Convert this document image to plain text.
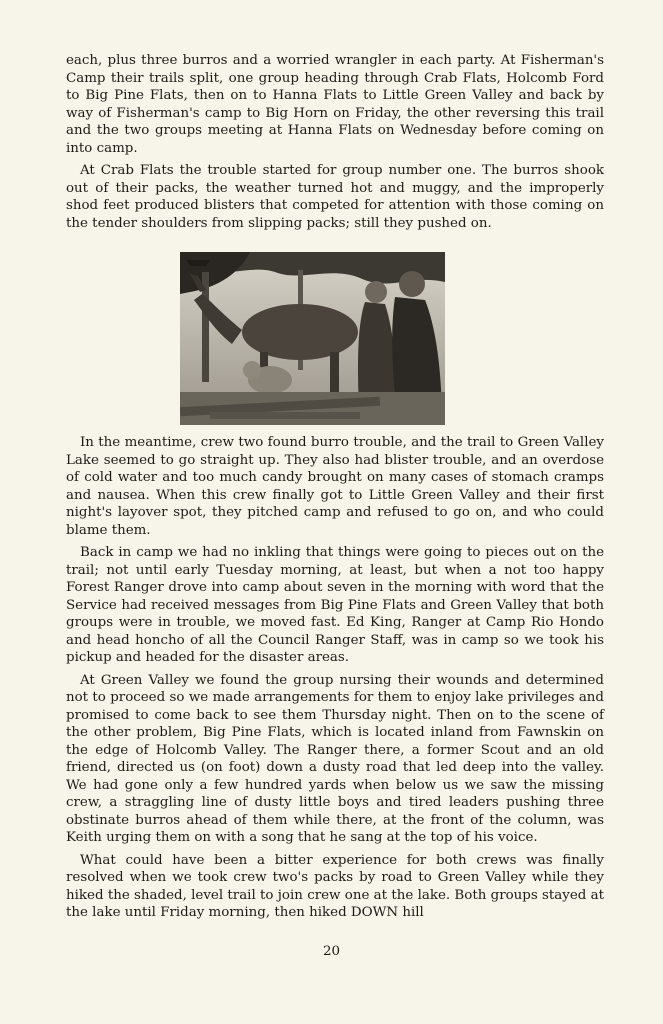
each, plus three burros and a worried wrangler in each party. At Fisherman's Camp their trails split, one group heading through Crab Flats, Holcomb Ford to Big Pine Flats, then on to Hanna Flats to Little Green Valley and back by way of Fisherman's camp to Big Horn on Friday, the other reversing this trail and the two groups meeting at Hanna Flats on Wednesday before coming on into camp.

At Crab Flats the trouble started for group number one. The burros shook out of their packs, the weather turned hot and muggy, and the improperly shod feet produced blisters that competed for attention with those coming on the tender shoulders from slipping packs; still they pushed on.

In the meantime, crew two found burro trouble, and the trail to Green Valley Lake seemed to go straight up. They also had blister trouble, and an overdose of cold water and too much candy brought on many cases of stomach cramps and nausea. When this crew finally got to Little Green Valley and their first night's layover spot, they pitched camp and refused to go on, and who could blame them.

Back in camp we had no inkling that things were going to pieces out on the trail; not until early Tuesday morning, at least, but when a not too happy Forest Ranger drove into camp about seven in the morning with word that the Service had received messages from Big Pine Flats and Green Valley that both groups were in trouble, we moved fast. Ed King, Ranger at Camp Rio Hondo and head honcho of all the Council Ranger Staff, was in camp so we took his pickup and headed for the disaster areas.

At Green Valley we found the group nursing their wounds and determined not to proceed so we made arrangements for them to enjoy lake privileges and promised to come back to see them Thursday night. Then on to the scene of the other problem, Big Pine Flats, which is located inland from Fawnskin on the edge of Holcomb Valley. The Ranger there, a former Scout and an old friend, directed us (on foot) down a dusty road that led deep into the valley. We had gone only a few hundred yards when below us we saw the missing crew, a straggling line of dusty little boys and tired leaders pushing three obstinate burros ahead of them while there, at the front of the column, was Keith urging them on with a song that he sang at the top of his voice.

What could have been a bitter experience for both crews was finally resolved when we took crew two's packs by road to Green Valley while they hiked the shaded, level trail to join crew one at the lake. Both groups stayed at the lake until Friday morning, then hiked DOWN hill

20
